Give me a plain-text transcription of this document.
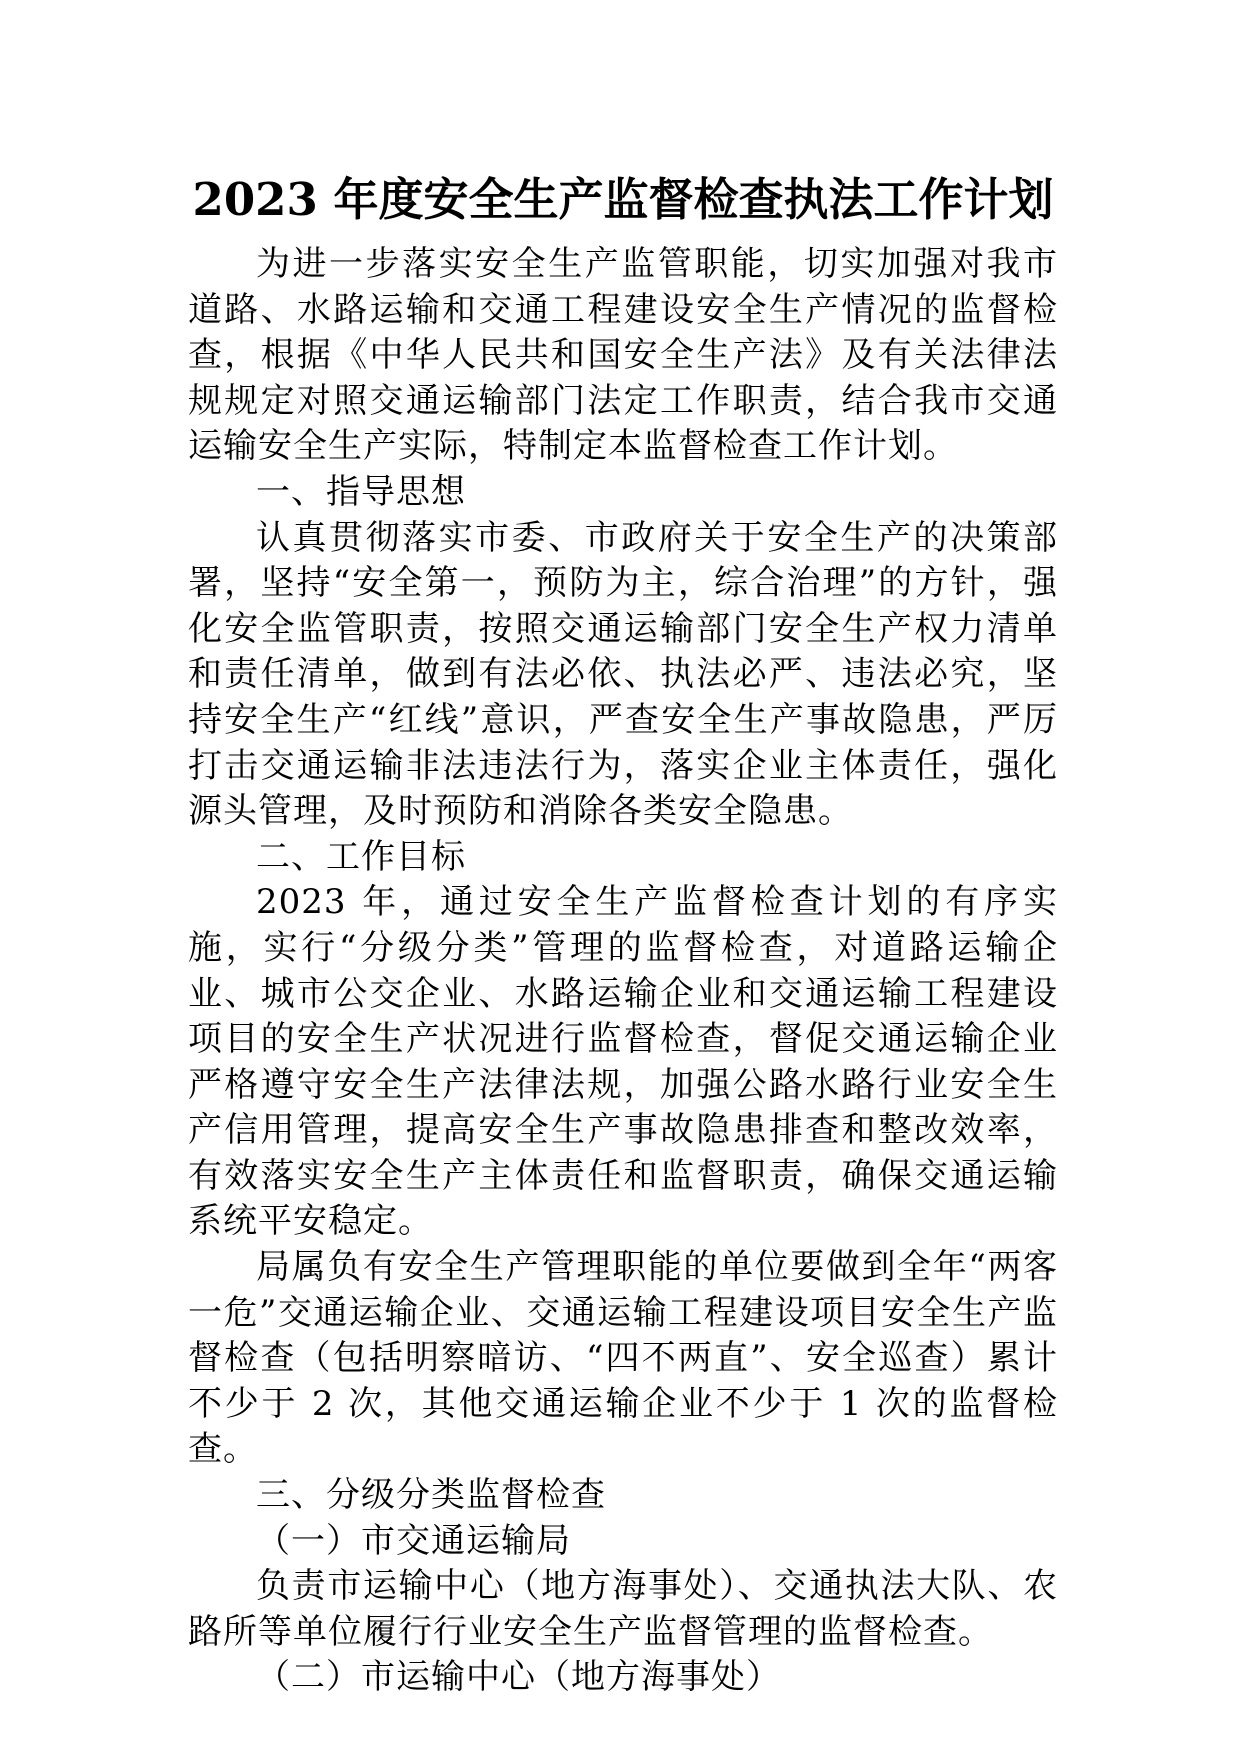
2023 年度安全生产监督检查执法工作计划

为进一步落实安全生产监管职能，切实加强对我市道路、水路运输和交通工程建设安全生产情况的监督检查，根据《中华人民共和国安全生产法》及有关法律法规规定对照交通运输部门法定工作职责，结合我市交通运输安全生产实际，特制定本监督检查工作计划。

一、指导思想

认真贯彻落实市委、市政府关于安全生产的决策部署，坚持“安全第一，预防为主，综合治理”的方针，强化安全监管职责，按照交通运输部门安全生产权力清单和责任清单，做到有法必依、执法必严、违法必究，坚持安全生产“红线”意识，严查安全生产事故隐患，严厉打击交通运输非法违法行为，落实企业主体责任，强化源头管理，及时预防和消除各类安全隐患。

二、工作目标

2023 年，通过安全生产监督检查计划的有序实施，实行“分级分类”管理的监督检查，对道路运输企业、城市公交企业、水路运输企业和交通运输工程建设项目的安全生产状况进行监督检查，督促交通运输企业严格遵守安全生产法律法规，加强公路水路行业安全生产信用管理，提高安全生产事故隐患排查和整改效率，有效落实安全生产主体责任和监督职责，确保交通运输系统平安稳定。

局属负有安全生产管理职能的单位要做到全年“两客一危”交通运输企业、交通运输工程建设项目安全生产监督检查（包括明察暗访、“四不两直”、安全巡查）累计不少于 2 次，其他交通运输企业不少于 1 次的监督检查。

三、分级分类监督检查

（一）市交通运输局

负责市运输中心（地方海事处）、交通执法大队、农路所等单位履行行业安全生产监督管理的监督检查。

（二）市运输中心（地方海事处）
